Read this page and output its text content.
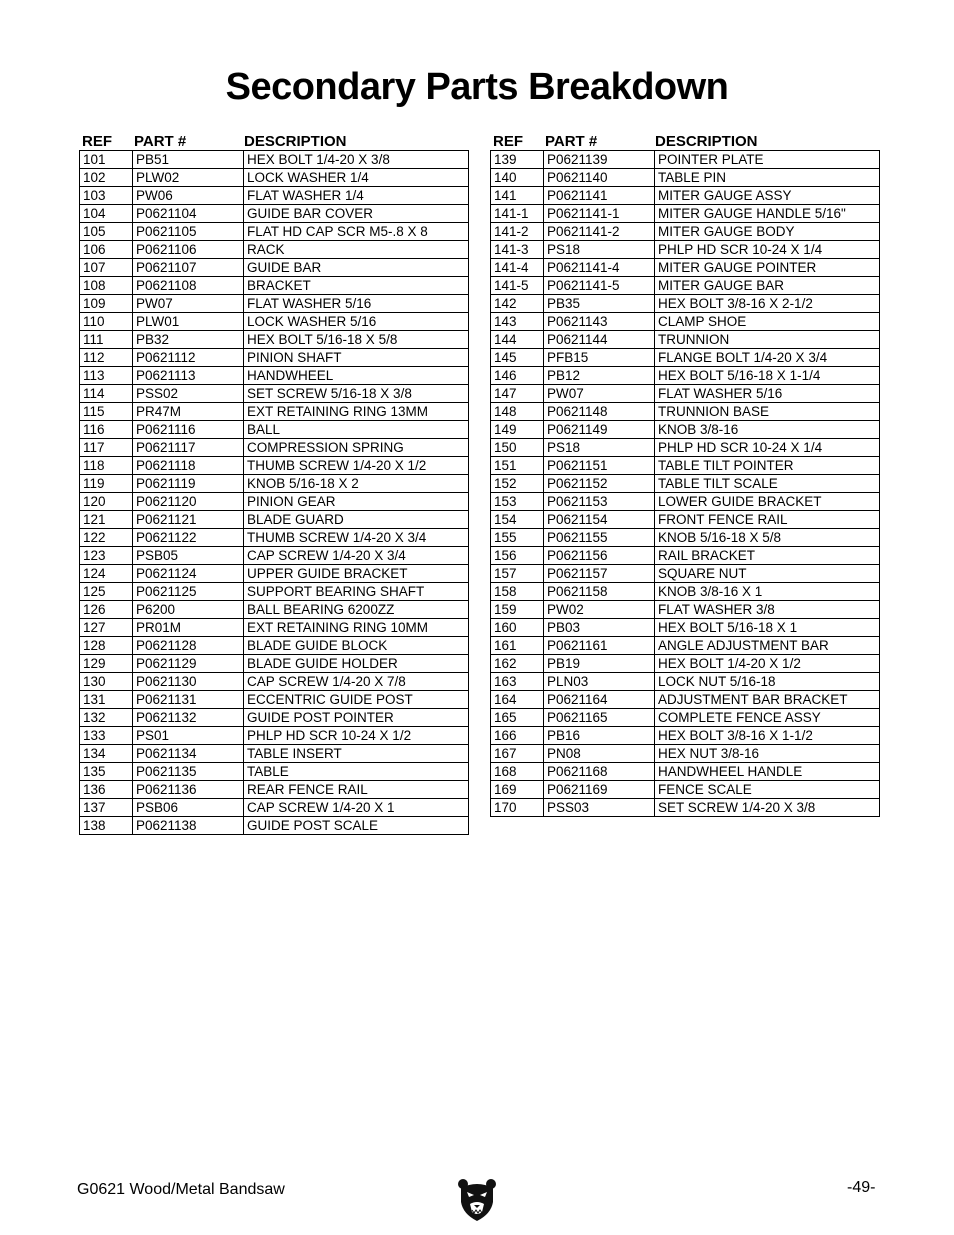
Secondary Parts Breakdown
REF	PART #	DESCRIPTION
101	PB51	HEX BOLT 1/4-20 X 3/8
102	PLW02	LOCK WASHER 1/4
103	PW06	FLAT WASHER 1/4
104	P0621104	GUIDE BAR COVER
105	P0621105	FLAT HD CAP SCR M5-.8 X 8
106	P0621106	RACK
107	P0621107	GUIDE BAR
108	P0621108	BRACKET
109	PW07	FLAT WASHER 5/16
110	PLW01	LOCK WASHER 5/16
111	PB32	HEX BOLT 5/16-18 X 5/8
112	P0621112	PINION SHAFT
113	P0621113	HANDWHEEL
114	PSS02	SET SCREW 5/16-18 X 3/8
115	PR47M	EXT RETAINING RING 13MM
116	P0621116	BALL
117	P0621117	COMPRESSION SPRING
118	P0621118	THUMB SCREW 1/4-20 X 1/2
119	P0621119	KNOB 5/16-18 X 2
120	P0621120	PINION GEAR
121	P0621121	BLADE GUARD
122	P0621122	THUMB SCREW 1/4-20 X 3/4
123	PSB05	CAP SCREW 1/4-20 X 3/4
124	P0621124	UPPER GUIDE BRACKET
125	P0621125	SUPPORT BEARING SHAFT
126	P6200	BALL BEARING 6200ZZ
127	PR01M	EXT RETAINING RING 10MM
128	P0621128	BLADE GUIDE BLOCK
129	P0621129	BLADE GUIDE HOLDER
130	P0621130	CAP SCREW 1/4-20 X 7/8
131	P0621131	ECCENTRIC GUIDE POST
132	P0621132	GUIDE POST POINTER
133	PS01	PHLP HD SCR 10-24 X 1/2
134	P0621134	TABLE INSERT
135	P0621135	TABLE
136	P0621136	REAR FENCE RAIL
137	PSB06	CAP SCREW 1/4-20 X 1
138	P0621138	GUIDE POST SCALE
REF	PART #	DESCRIPTION
139	P0621139	POINTER PLATE
140	P0621140	TABLE PIN
141	P0621141	MITER GAUGE ASSY
141-1	P0621141-1	MITER GAUGE HANDLE 5/16"
141-2	P0621141-2	MITER GAUGE BODY
141-3	PS18	PHLP HD SCR 10-24 X 1/4
141-4	P0621141-4	MITER GAUGE POINTER
141-5	P0621141-5	MITER GAUGE BAR
142	PB35	HEX BOLT 3/8-16 X 2-1/2
143	P0621143	CLAMP SHOE
144	P0621144	TRUNNION
145	PFB15	FLANGE BOLT 1/4-20 X 3/4
146	PB12	HEX BOLT 5/16-18 X 1-1/4
147	PW07	FLAT WASHER 5/16
148	P0621148	TRUNNION BASE
149	P0621149	KNOB 3/8-16
150	PS18	PHLP HD SCR 10-24 X 1/4
151	P0621151	TABLE TILT POINTER
152	P0621152	TABLE TILT SCALE
153	P0621153	LOWER GUIDE BRACKET
154	P0621154	FRONT FENCE RAIL
155	P0621155	KNOB 5/16-18 X 5/8
156	P0621156	RAIL BRACKET
157	P0621157	SQUARE NUT
158	P0621158	KNOB 3/8-16 X 1
159	PW02	FLAT WASHER 3/8
160	PB03	HEX BOLT 5/16-18 X 1
161	P0621161	ANGLE ADJUSTMENT BAR
162	PB19	HEX BOLT 1/4-20 X 1/2
163	PLN03	LOCK NUT 5/16-18
164	P0621164	ADJUSTMENT BAR BRACKET
165	P0621165	COMPLETE FENCE ASSY
166	PB16	HEX BOLT 3/8-16 X 1-1/2
167	PN08	HEX NUT 3/8-16
168	P0621168	HANDWHEEL HANDLE
169	P0621169	FENCE SCALE
170	PSS03	SET SCREW 1/4-20 X 3/8
G0621 Wood/Metal Bandsaw	-49-
